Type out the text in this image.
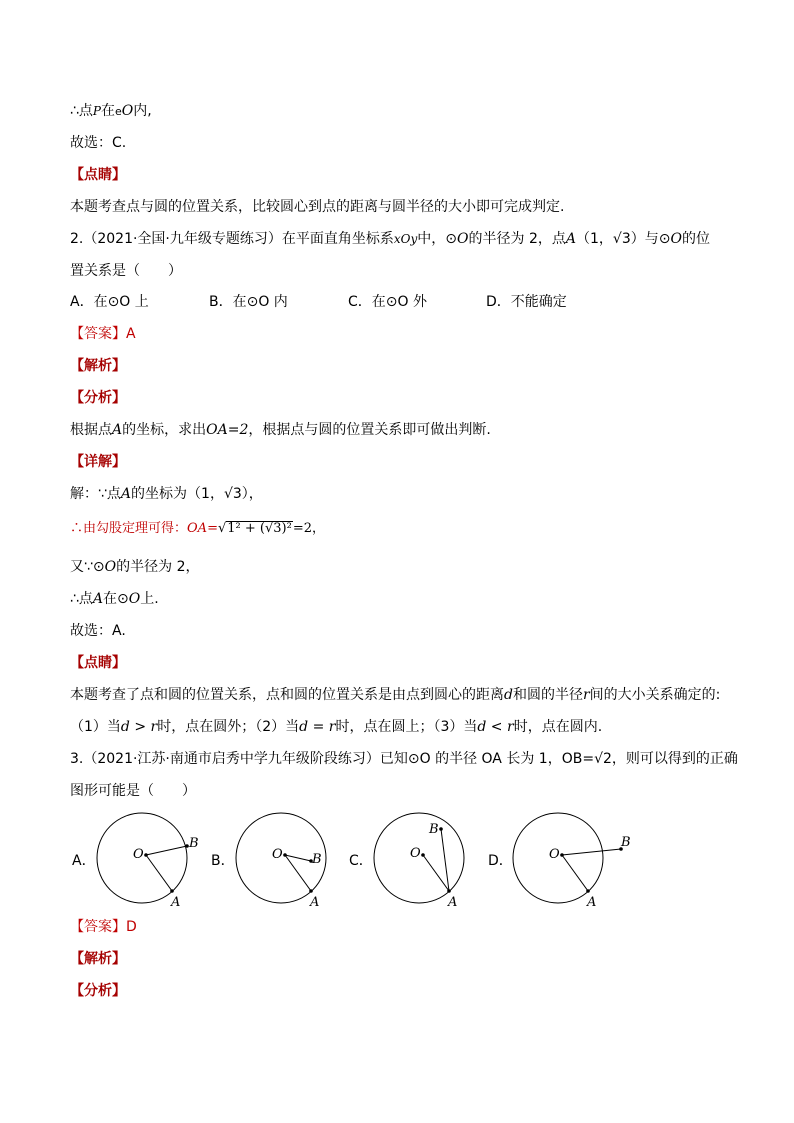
∴点P在eO内,
故选：C.
【点睛】
本题考查点与圆的位置关系，比较圆心到点的距离与圆半径的大小即可完成判定.
2.（2021·全国·九年级专题练习）在平面直角坐标系xOy中，⊙O的半径为 2，点A（1，√3）与⊙O的位
置关系是（　　）
A．在⊙O 上	B．在⊙O 内	C．在⊙O 外	D．不能确定
【答案】A
【解析】
【分析】
根据点A的坐标，求出OA=2，根据点与圆的位置关系即可做出判断.
【详解】
解：∵点A的坐标为（1，√3），
∴由勾股定理可得：OA=√1² + (√3)²=2，
又∵⊙O的半径为 2，
∴点A在⊙O上.
故选：A.
【点睛】
本题考查了点和圆的位置关系，点和圆的位置关系是由点到圆心的距离d和圆的半径r间的大小关系确定的:
（1）当d > r时，点在圆外；（2）当d = r时，点在圆上；（3）当d < r时，点在圆内.
3.（2021·江苏·南通市启秀中学九年级阶段练习）已知⊙O 的半径 OA 长为 1，OB=√2，则可以得到的正确
图形可能是（　　）
A．	B．	C．	D．
O
B
A
O B
A
O
B
A
O
B
A
【答案】D
【解析】
【分析】
